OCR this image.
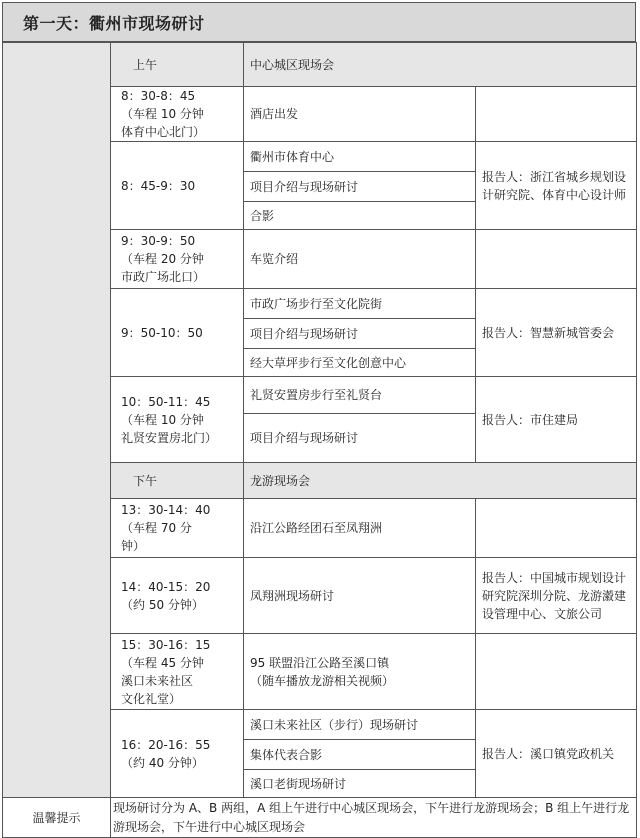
第一天：衢州市现场研讨
	上午	中心城区现场会	
	8：30-8：45
（车程 10 分钟
体育中心北门）	酒店出发	
	8：45-9：30	衢州市体育中心	报告人：浙江省城乡规划设计研究院、体育中心设计师
		项目介绍与现场研讨	
		合影	
	9：30-9：50
（车程 20 分钟
市政广场北口）	车览介绍	
	9：50-10：50	市政广场步行至文化院街	报告人：智慧新城管委会
		项目介绍与现场研讨	
		经大草坪步行至文化创意中心	
	10：50-11：45
（车程 10 分钟
礼贤安置房北门）	礼贤安置房步行至礼贤台	报告人：市住建局
		项目介绍与现场研讨	
	下午	龙游现场会	
	13：30-14：40
（车程 70 分
钟）	沿江公路经团石至凤翔洲	
	14：40-15：20
（约 50 分钟）	凤翔洲现场研讨	报告人：中国城市规划设计研究院深圳分院、龙游瀫建设管理中心、文旅公司
	15：30-16：15
（车程 45 分钟
溪口未来社区
文化礼堂）	95 联盟沿江公路至溪口镇
（随车播放龙游相关视频）	
	16：20-16：55
（约 40 分钟）	溪口未来社区（步行）现场研讨	报告人：溪口镇党政机关
		集体代表合影	
		溪口老街现场研讨	
温馨提示	现场研讨分为 A、B 两组，A 组上午进行中心城区现场会，下午进行龙游现场会；B 组上午进行龙游现场会，下午进行中心城区现场会		
